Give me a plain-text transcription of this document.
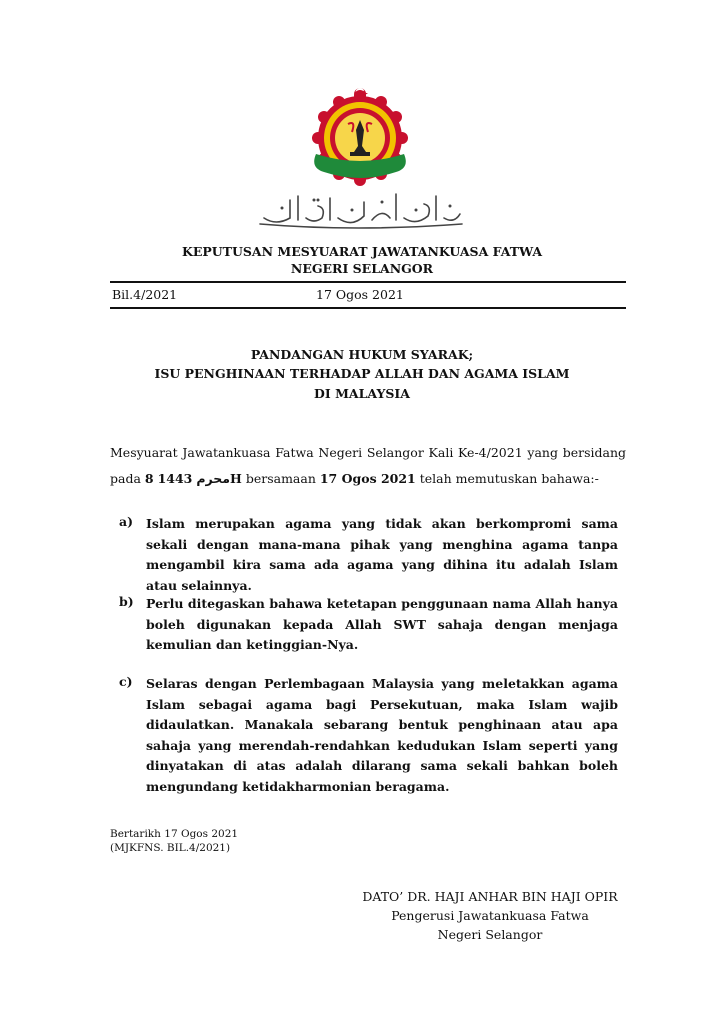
KEPUTUSAN MESYUARAT JAWATANKUASA FATWA
NEGERI SELANGOR
Bil.4/2021	17 Ogos 2021
PANDANGAN HUKUM SYARAK;
ISU PENGHINAAN TERHADAP ALLAH DAN AGAMA ISLAM
DI MALAYSIA
Mesyuarat Jawatankuasa Fatwa Negeri Selangor Kali Ke-4/2021 yang bersidang
pada 8	محرم 1443H bersamaan 17 Ogos 2021 telah memutuskan bahawa:-
a) Islam merupakan agama yang tidak akan berkompromi sama sekali dengan mana-mana pihak yang menghina agama tanpa mengambil kira sama ada agama yang dihina itu adalah Islam atau selainnya.
b) Perlu ditegaskan bahawa ketetapan penggunaan nama Allah hanya boleh digunakan kepada Allah SWT sahaja dengan menjaga kemulian dan ketinggian-Nya.
c) Selaras dengan Perlembagaan Malaysia yang meletakkan agama Islam sebagai agama bagi Persekutuan, maka Islam wajib didaulatkan. Manakala sebarang bentuk penghinaan atau apa sahaja yang merendah-rendahkan kedudukan Islam seperti yang dinyatakan di atas adalah dilarang sama sekali bahkan boleh mengundang ketidakharmonian beragama.
Bertarikh 17 Ogos 2021
(MJKFNS. BIL.4/2021)
DATO’ DR. HAJI ANHAR BIN HAJI OPIR
Pengerusi Jawatankuasa Fatwa
Negeri Selangor
